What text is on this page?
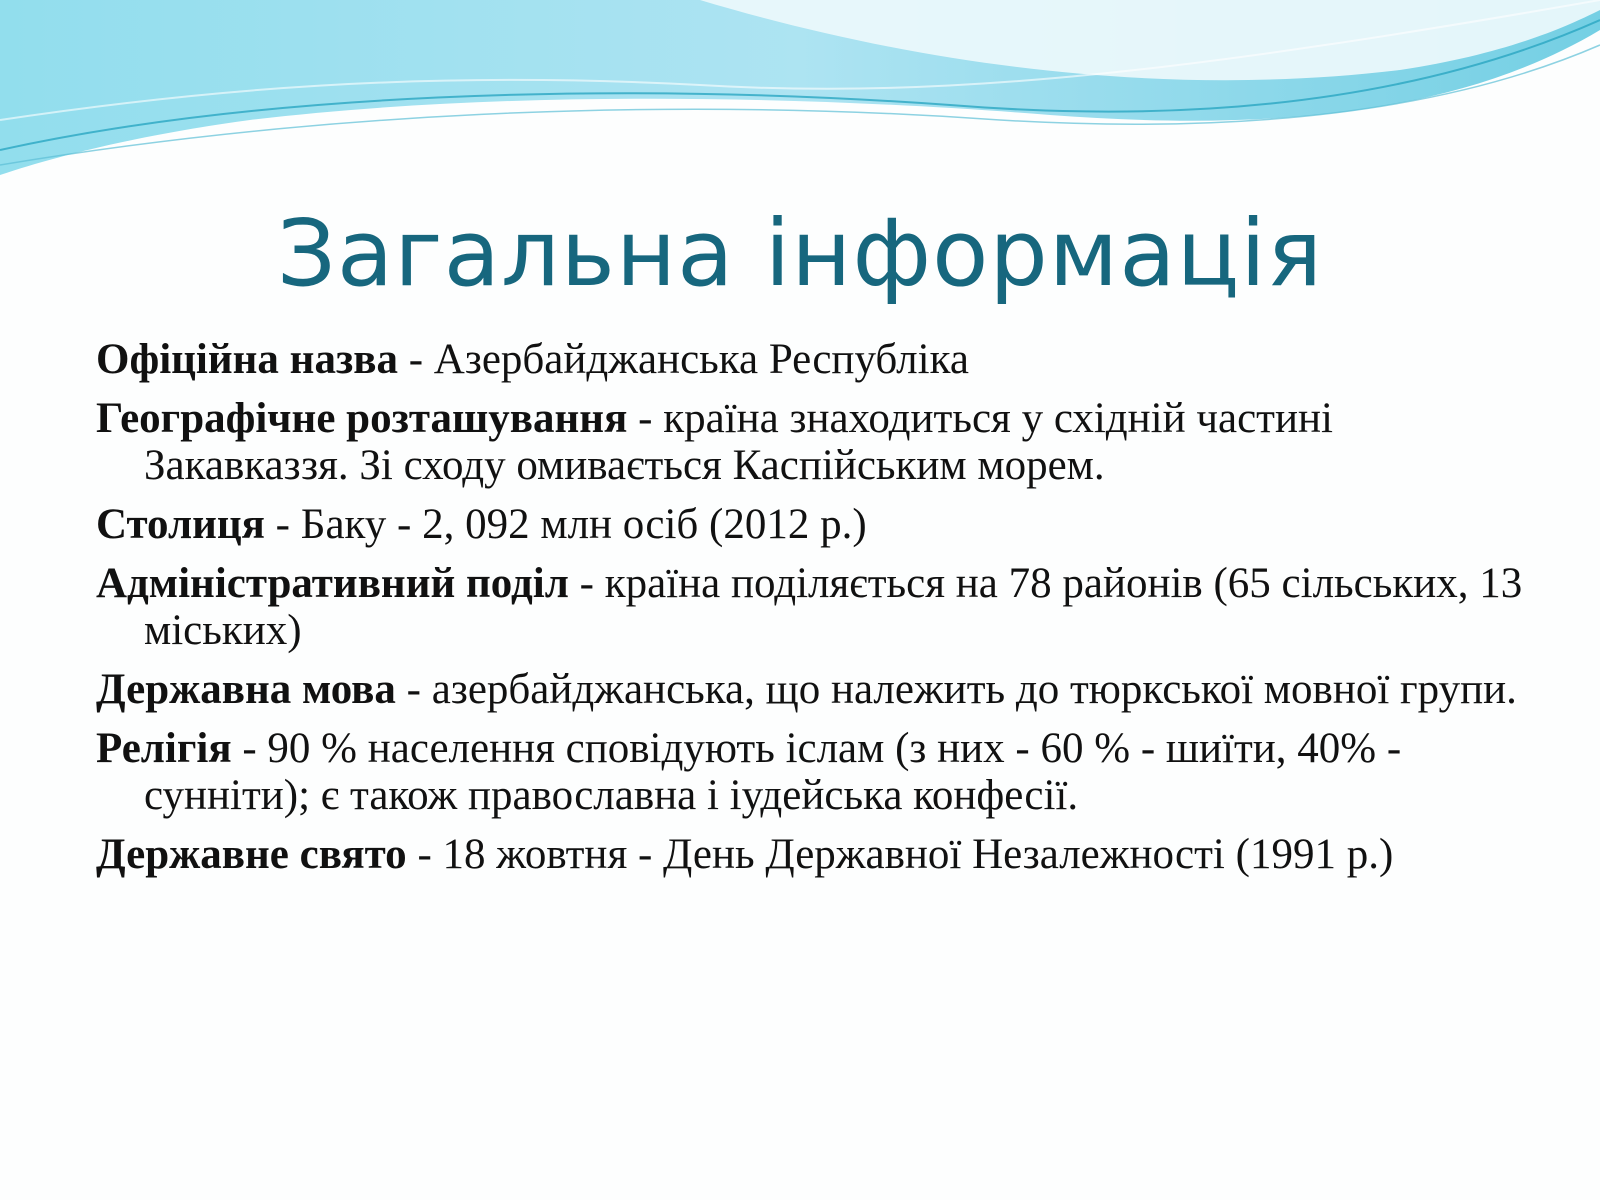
Загальна інформація
Офіційна назва - Азербайджанська Республіка
Географічне розташування - країна знаходиться у східній частині Закавказзя. Зі сходу омивається Каспійським морем.
Столиця - Баку - 2, 092 млн осіб (2012 р.)
Адміністративний поділ - країна поділяється на 78 районів (65 сільських, 13 міських)
Державна мова - азербайджанська, що належить до тюркської мовної групи.
Релігія - 90 % населення сповідують іслам (з них - 60 % - шиїти, 40% - сунніти); є також православна і іудейська конфесії.
Державне свято - 18 жовтня - День Державної Незалежності (1991 р.)
